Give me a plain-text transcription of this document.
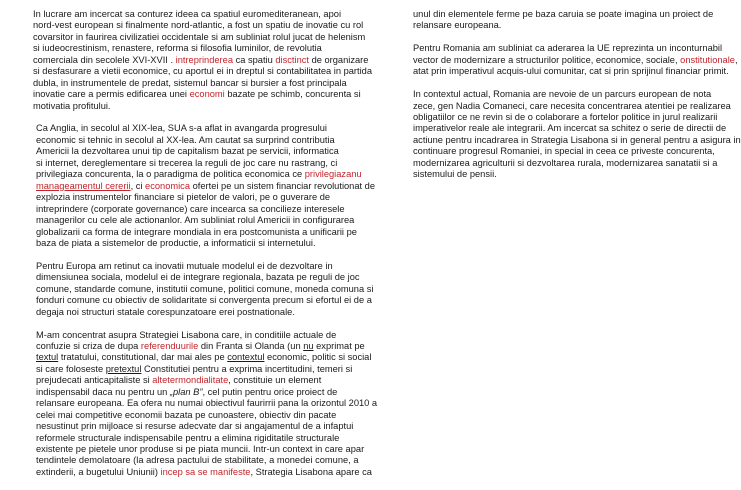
In lucrare am incercat sa conturez ideea ca spatiul euromediteranean, apoi
nord-vest european si finalmente nord-atlantic, a fost un spatiu de inovatie cu rol
covarsitor in faurirea civilizatiei occidentale si am subliniat rolul jucat de helenism
si iudeocrestinism, renastere, reforma si filosofia luminilor, de revolutia
comerciala din secolele XVI-XVII . intreprinderea ca spatiu disctinct de organizare
si desfasurare a vietii economice, cu aportul ei in dreptul si contabilitatea in partida
dubla, in instrumentele de predat, sistemul bancar si bursier a fost principala
inovatie care a permis edificarea unei economi bazate pe schimb, concurenta si
motivatia profitului.
Ca Anglia, in secolul al XIX-lea, SUA s-a aflat in avangarda progresului
economic si tehnic in secolul al XX-lea. Am cautat sa surprind contributia
Americii la dezvoltarea unui tip de capitalism bazat pe servicii, informatica
si internet, dereglementare si trecerea la reguli de joc care nu rastrang, ci
privilegiaza concurenta, la o paradigma de politica economica ce privilegiazanu
manageamentul cererii, ci economica ofertei pe un sistem financiar revolutionat de
explozia instrumentelor financiare si pietelor de valori, pe o guverare de
intreprindere (corporate governance) care incearca sa concilieze interesele
managerilor cu cele ale actionanlor. Am subliniat rolul Americii in configurarea
globalizarii ca forma de integrare mondiala in era postcomunista a unificarii pe
baza de piata a sistemelor de productie, a informaticii si internetului.
Pentru Europa am retinut ca inovatii mutuale modelul ei de dezvoltare in
dimensiunea sociala, modelul ei de integrare regionala, bazata pe reguli de joc
comune, standarde comune, institutii comune, politici comune, moneda comuna si
fonduri comune cu obiectiv de solidaritate si convergenta precum si efortul ei de a
degaja noi structuri statale corespunzatoare erei postnationale.
M-am concentrat asupra Strategiei Lisabona care, in conditiile actuale de
confuzie si criza de dupa referenduurile din Franta si Olanda (un nu exprimat pe
textul tratatului, constitutional, dar mai ales pe contextul economic, politic si social
si care foloseste pretextul Constitutiei pentru a exprima incertitudini, temeri si
prejudecati anticapitaliste si altetermondialitate, constituie un element
indispensabil daca nu pentru un „plan B”, cel putin pentru orice proiect de
relansare europeana. Ea ofera nu numai obiectivul faurirrii pana la orizontul 2010 a
celei mai competitive economii bazata pe cunoastere, obiectiv din pacate
nesustinut prin mijloace si resurse adecvate dar si angajamentul de a infaptui
reformele structurale indispensabile pentru a elimina rigiditatile structurale
existente pe pietele unor produse si pe piata muncii. Intr-un context in care apar
tendintele demolatoare (la adresa pactului de stabilitate, a monedei comune, a
extinderii, a bugetului Uniunii) incep sa se manifeste, Strategia Lisabona apare ca
unul din elementele ferme pe baza caruia se poate imagina un proiect de
relansare europeana.
Pentru Romania am subliniat ca aderarea la UE reprezinta un inconturnabil
vector de modernizare a structurilor politice, economice, sociale, onstitutionale,
atat prin imperativul acquis-ului comunitar, cat si prin sprijinul financiar primit.
In contextul actual, Romania are nevoie de un parcurs european de nota
zece, gen Nadia Comaneci, care necesita concentrarea atentiei pe realizarea
obligatiilor ce ne revin si de o colaborare a fortelor politice in jurul realizarii
imperativelor reale ale integrarii. Am incercat sa schitez o serie de directii de
actiune pentru incadrarea in Strategia Lisabona si in general pentru a asigura in
continuare progresul Romaniei, in special in ceea ce priveste concurenta,
modernizarea agriculturii si dezvoltarea rurala, modernizarea sanatatii si a
sistemului de pensii.
